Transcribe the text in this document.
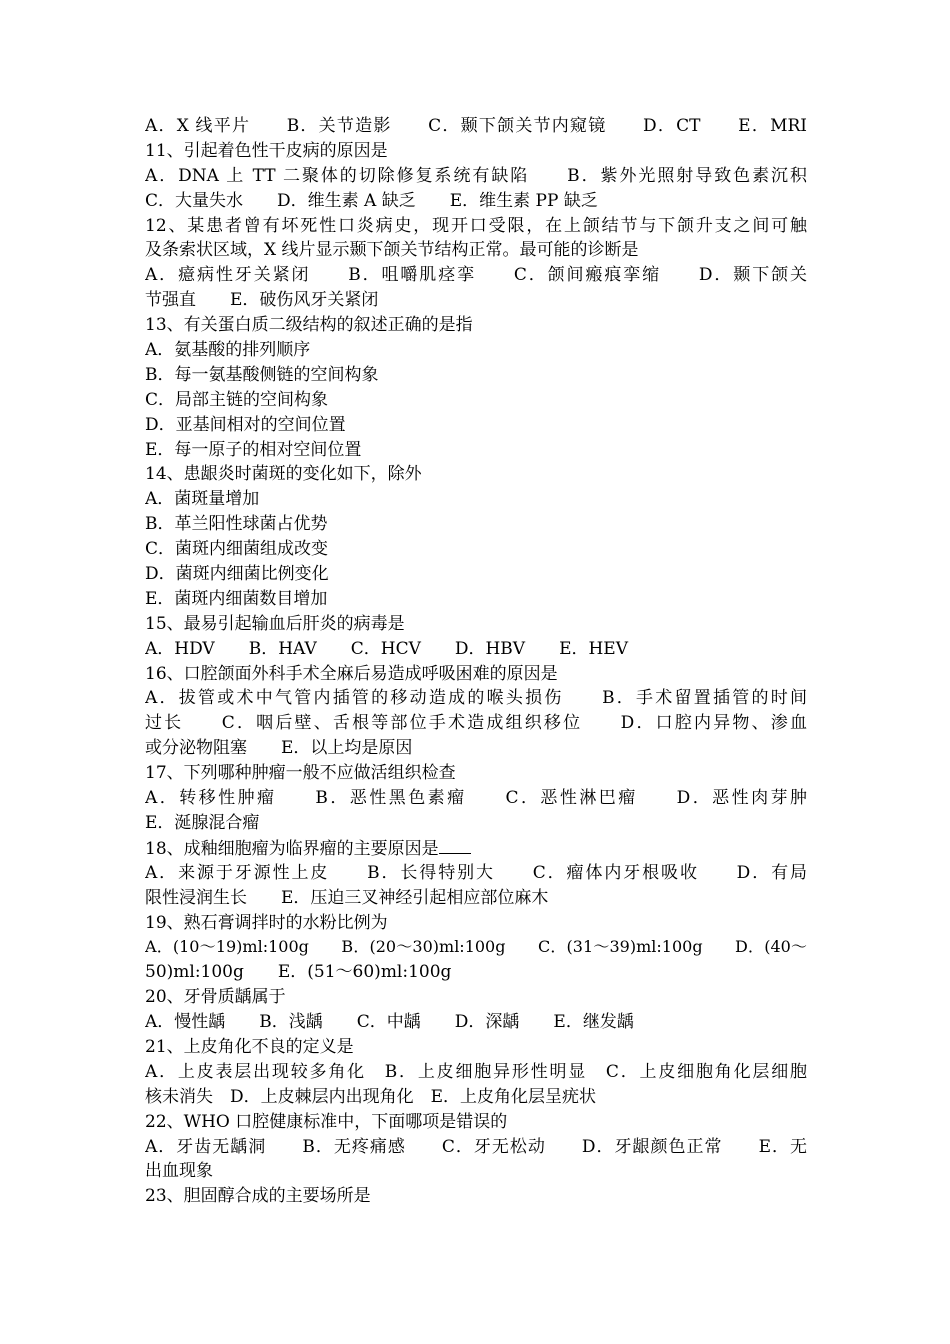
A．X 线平片　　B．关节造影　　C．颞下颌关节内窥镜　　D．CT　　E．MRI
11、引起着色性干皮病的原因是
A．DNA 上 TT 二聚体的切除修复系统有缺陷　　B．紫外光照射导致色素沉积
C．大量失水　　D．维生素 A 缺乏　　E．维生素 PP 缺乏
12、某患者曾有坏死性口炎病史，现开口受限，在上颌结节与下颌升支之间可触
及条索状区域，X 线片显示颞下颌关节结构正常。最可能的诊断是
A．癔病性牙关紧闭　　B．咀嚼肌痉挛　　C．颌间瘢痕挛缩　　D．颞下颌关
节强直　　E．破伤风牙关紧闭
13、有关蛋白质二级结构的叙述正确的是指
A．氨基酸的排列顺序
B．每一氨基酸侧链的空间构象
C．局部主链的空间构象
D．亚基间相对的空间位置
E．每一原子的相对空间位置
14、患龈炎时菌斑的变化如下，除外
A．菌斑量增加
B．革兰阳性球菌占优势
C．菌斑内细菌组成改变
D．菌斑内细菌比例变化
E．菌斑内细菌数目增加
15、最易引起输血后肝炎的病毒是
A．HDV　　B．HAV　　C．HCV　　D．HBV　　E．HEV
16、口腔颌面外科手术全麻后易造成呼吸困难的原因是
A．拔管或术中气管内插管的移动造成的喉头损伤　　B．手术留置插管的时间
过长　　C．咽后壁、舌根等部位手术造成组织移位　　D．口腔内异物、渗血
或分泌物阻塞　　E．以上均是原因
17、下列哪种肿瘤一般不应做活组织检查
A．转移性肿瘤　　B．恶性黑色素瘤　　C．恶性淋巴瘤　　D．恶性肉芽肿
E．涎腺混合瘤
18、成釉细胞瘤为临界瘤的主要原因是
A．来源于牙源性上皮　　B．长得特别大　　C．瘤体内牙根吸收　　D．有局
限性浸润生长　　E．压迫三叉神经引起相应部位麻木
19、熟石膏调拌时的水粉比例为
A．(10～19)ml:100g　　B．(20～30)ml:100g　　C．(31～39)ml:100g　　D．(40～
50)ml:100g　　E．(51～60)ml:100g
20、牙骨质龋属于
A．慢性龋　　B．浅龋　　C．中龋　　D．深龋　　E．继发龋
21、上皮角化不良的定义是
A．上皮表层出现较多角化　B．上皮细胞异形性明显　C．上皮细胞角化层细胞
核未消失　D．上皮棘层内出现角化　E．上皮角化层呈疣状
22、WHO 口腔健康标准中，下面哪项是错误的
A．牙齿无龋洞　　B．无疼痛感　　C．牙无松动　　D．牙龈颜色正常　　E．无
出血现象
23、胆固醇合成的主要场所是
